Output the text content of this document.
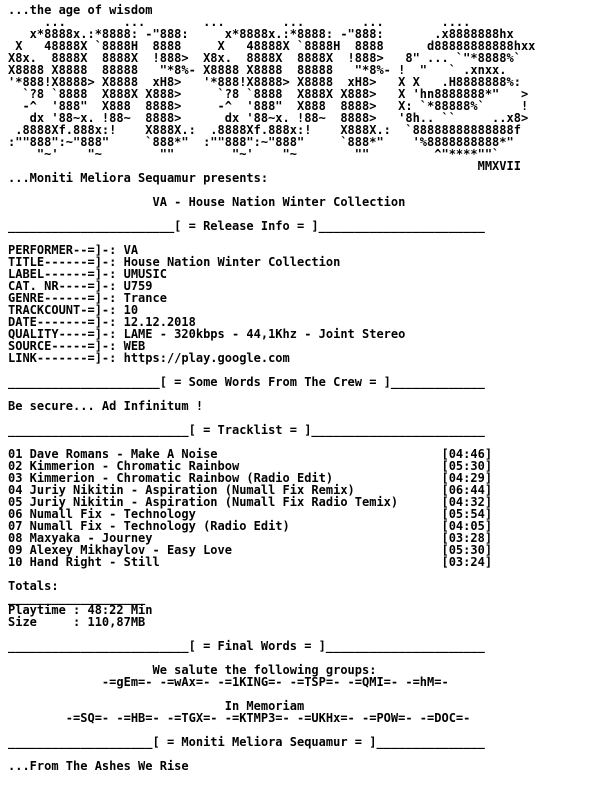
...the age of wisdom
...        ...        ...        ...        ...        ....
x*8888x.:*8888: -"888:     x*8888x.:*8888: -"888:       .x8888888hx
X   48888X `8888H  8888     X   48888X `8888H  8888      d88888888888hxx
X8x.  8888X  8888X  !888>  X8x.  8888X  8888X  !888>   8" ... `"*8888%`
X8888 X8888  88888   "*8%- X8888 X8888  88888   "*8%- !  "   ` .xnxx.
'*888!X8888> X8888  xH8>   '*888!X8888> X8888  xH8>   X X   .H8888888%:
`?8 `8888  X888X X888>     `?8 `8888  X888X X888>   X 'hn8888888*"   >
-^  '888"  X888  8888>     -^  '888"  X888  8888>   X: `*88888%`     !
dx '88~x. !88~  8888>      dx '88~x. !88~  8888>   '8h.. ``     ..x8>
.8888Xf.888x:!    X888X.:  .8888Xf.888x:!    X888X.:  `88888888888888f
:""888":~"888"     `888*"  :""888":~"888"     `888*"    '%8888888888*"
"~'    "~        ""        "~'    "~        ""         ^"****""`
MMXVII
...Moniti Meliora Sequamur presents:

VA - House Nation Winter Collection

_______________________[ = Release Info = ]_______________________

PERFORMER--=]-: VA
TITLE------=]-: House Nation Winter Collection
LABEL------=]-: UMUSIC
CAT. NR----=]-: U759
GENRE------=]-: Trance
TRACKCOUNT-=]-: 10
DATE-------=]-: 12.12.2018
QUALITY----=]-: LAME - 320kbps - 44,1Khz - Joint Stereo
SOURCE-----=]-: WEB
LINK-------=]-: https://play.google.com

_____________________[ = Some Words From The Crew = ]_____________

Be secure... Ad Infinitum !

_________________________[ = Tracklist = ]________________________

01 Dave Romans - Make A Noise                               [04:46]
02 Kimmerion - Chromatic Rainbow                            [05:30]
03 Kimmerion - Chromatic Rainbow (Radio Edit)               [04:29]
04 Juriy Nikitin - Aspiration (Numall Fix Remix)            [06:44]
05 Juriy Nikitin - Aspiration (Numall Fix Radio Temix)      [04:32]
06 Numall Fix - Technology                                  [05:54]
07 Numall Fix - Technology (Radio Edit)                     [04:05]
08 Maxyaka - Journey                                        [03:28]
09 Alexey Mikhaylov - Easy Love                             [05:30]
10 Hand Right - Still                                       [03:24]

Totals:
___________________
Playtime : 48:22 Min
Size     : 110,87MB

_________________________[ = Final Words = ]______________________

We salute the following groups:
-=gEm=- -=wAx=- -=1KING=- -=TSP=- -=QMI=- -=hM=-

In Memoriam
-=SQ=- -=HB=- -=TGX=- -=KTMP3=- -=UKHx=- -=POW=- -=DOC=-

____________________[ = Moniti Meliora Sequamur = ]_______________

...From The Ashes We Rise
